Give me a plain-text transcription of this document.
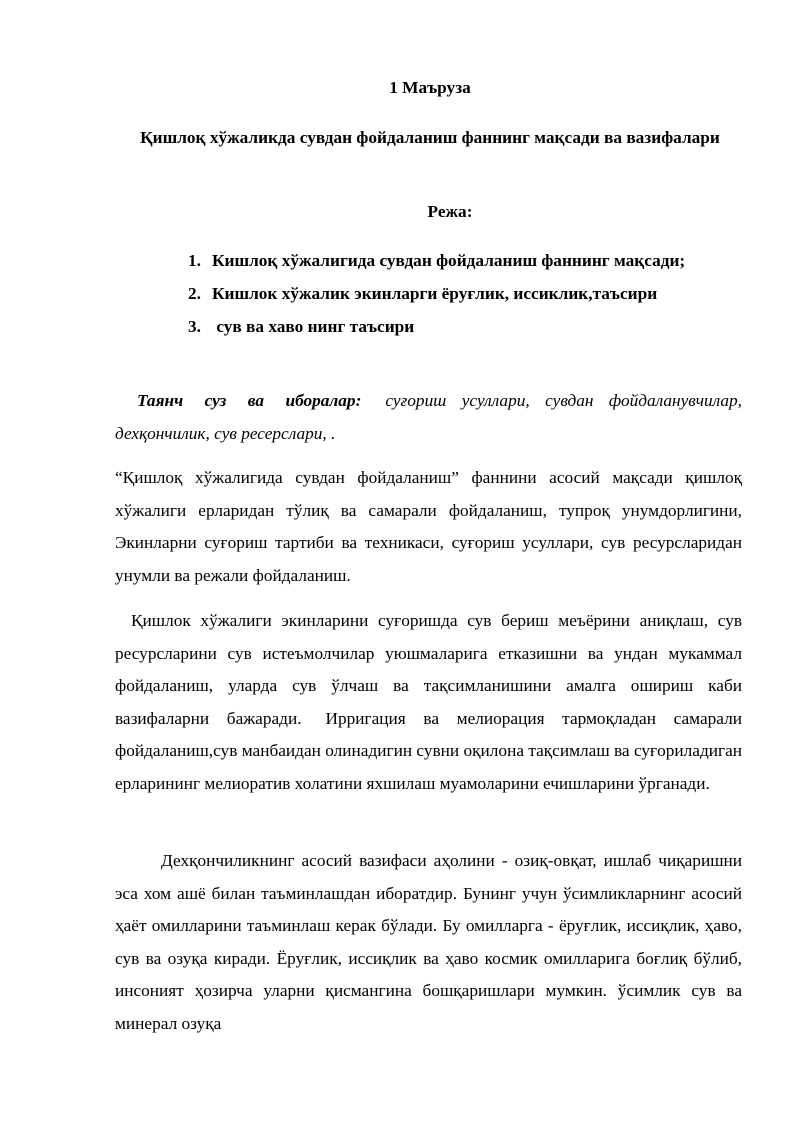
1 Маъруза
Қишлоқ хўжаликда сувдан фойдаланиш фаннинг мақсади ва вазифалари
Режа:
1. Кишлоқ хўжалигида сувдан фойдаланиш фаннинг мақсади;
2. Кишлок хўжалик экинларги ёруғлик, иссиклик,таъсири
3. сув ва хаво нинг таъсири

Таянч суз ва иборалар: суғориш усуллари, сувдан фойдаланувчилар, дехқончилик, сув ресерслари, .

“Қишлоқ хўжалигида сувдан фойдаланиш” фаннини асосий мақсади қишлоқ хўжалиги ерларидан тўлиқ ва самарали фойдаланиш, тупроқ унумдорлигини, Экинларни суғориш тартиби ва техникаси, суғориш усуллари, сув ресурсларидан унумли ва режали фойдаланиш.

Қишлок хўжалиги экинларини суғоришда сув бериш меъёрини аниқлаш, сув ресурсларини сув истеъмолчилар уюшмаларига етказишни ва ундан мукаммал фойдаланиш, уларда сув ўлчаш ва тақсимланишини амалга ошириш каби вазифаларни бажаради. Ирригация ва мелиорация тармоқладан самарали фойдаланиш,сув манбаидан олинадигин сувни оқилона тақсимлаш ва суғориладиган ерларининг мелиоратив холатини яхшилаш муамоларини ечишларини ўрганади.

Дехқончиликнинг асосий вазифаси аҳолини - озиқ-овқат, ишлаб чиқаришни эса хом ашё билан таъминлашдан иборатдир. Бунинг учун ўсимликларнинг асосий ҳаёт омилларини таъминлаш керак бўлади. Бу омилларга - ёруғлик, иссиқлик, ҳаво, сув ва озуқа киради. Ёруғлик, иссиқлик ва ҳаво космик омилларига боғлиқ бўлиб, инсоният ҳозирча уларни қисмангина бошқаришлари мумкин. ўсимлик сув ва минерал озуқа
